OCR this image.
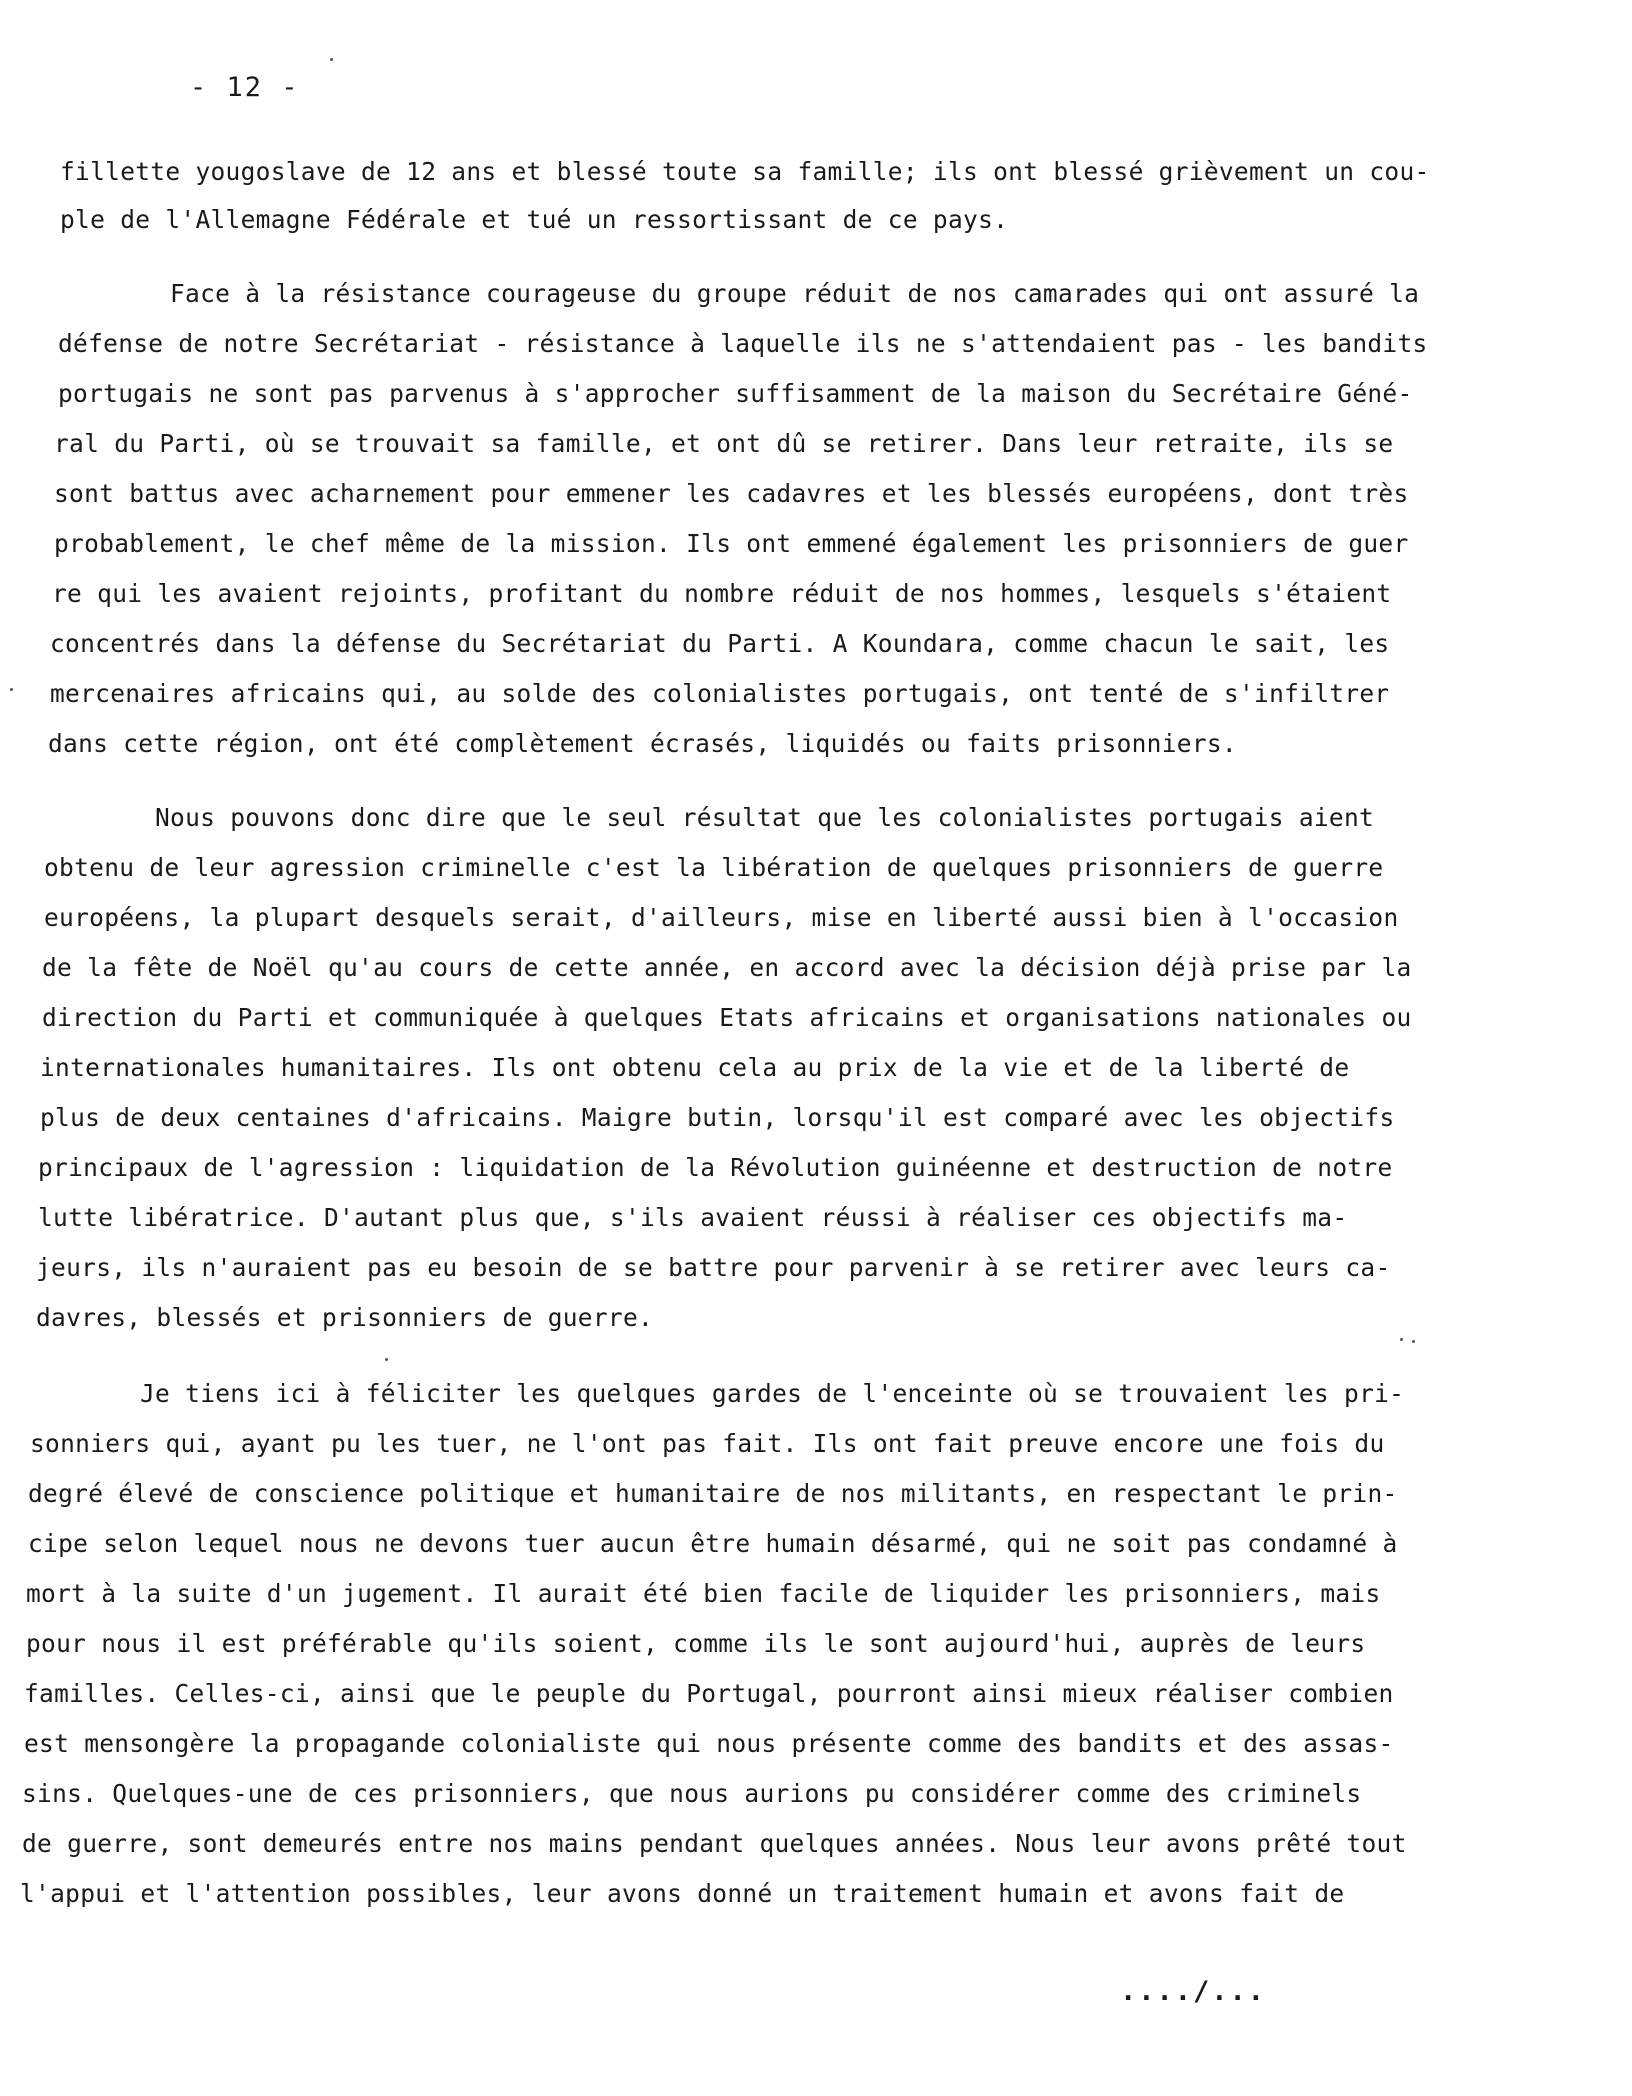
- 12 -
fillette yougoslave de 12 ans et blessé toute sa famille; ils ont blessé grièvement un cou-
ple de l'Allemagne Fédérale et tué un ressortissant de ce pays.
Face à la résistance courageuse du groupe réduit de nos camarades qui ont assuré la
défense de notre Secrétariat - résistance à laquelle ils ne s'attendaient pas - les bandits
portugais ne sont pas parvenus à s'approcher suffisamment de la maison du Secrétaire Géné-
ral du Parti, où se trouvait sa famille, et ont dû se retirer. Dans leur retraite, ils se
sont battus avec acharnement pour emmener les cadavres et les blessés européens, dont très
probablement, le chef même de la mission. Ils ont emmené également les prisonniers de guer
re qui les avaient rejoints, profitant du nombre réduit de nos hommes, lesquels s'étaient
concentrés dans la défense du Secrétariat du Parti. A Koundara, comme chacun le sait, les
mercenaires africains qui, au solde des colonialistes portugais, ont tenté de s'infiltrer
dans cette région, ont été complètement écrasés, liquidés ou faits prisonniers.
Nous pouvons donc dire que le seul résultat que les colonialistes portugais aient
obtenu de leur agression criminelle c'est la libération de quelques prisonniers de guerre
européens, la plupart desquels serait, d'ailleurs, mise en liberté aussi bien à l'occasion
de la fête de Noël qu'au cours de cette année, en accord avec la décision déjà prise par la
direction du Parti et communiquée à quelques Etats africains et organisations nationales ou
internationales humanitaires. Ils ont obtenu cela au prix de la vie et de la liberté de
plus de deux centaines d'africains. Maigre butin, lorsqu'il est comparé avec les objectifs
principaux de l'agression : liquidation de la Révolution guinéenne et destruction de notre
lutte libératrice. D'autant plus que, s'ils avaient réussi à réaliser ces objectifs ma-
jeurs, ils n'auraient pas eu besoin de se battre pour parvenir à se retirer avec leurs ca-
davres, blessés et prisonniers de guerre.
Je tiens ici à féliciter les quelques gardes de l'enceinte où se trouvaient les pri-
sonniers qui, ayant pu les tuer, ne l'ont pas fait. Ils ont fait preuve encore une fois du
degré élevé de conscience politique et humanitaire de nos militants, en respectant le prin-
cipe selon lequel nous ne devons tuer aucun être humain désarmé, qui ne soit pas condamné à
mort à la suite d'un jugement. Il aurait été bien facile de liquider les prisonniers, mais
pour nous il est préférable qu'ils soient, comme ils le sont aujourd'hui, auprès de leurs
familles. Celles-ci, ainsi que le peuple du Portugal, pourront ainsi mieux réaliser combien
est mensongère la propagande colonialiste qui nous présente comme des bandits et des assas-
sins. Quelques-une de ces prisonniers, que nous aurions pu considérer comme des criminels
de guerre, sont demeurés entre nos mains pendant quelques années. Nous leur avons prêté tout
l'appui et l'attention possibles, leur avons donné un traitement humain et avons fait de
..../...
